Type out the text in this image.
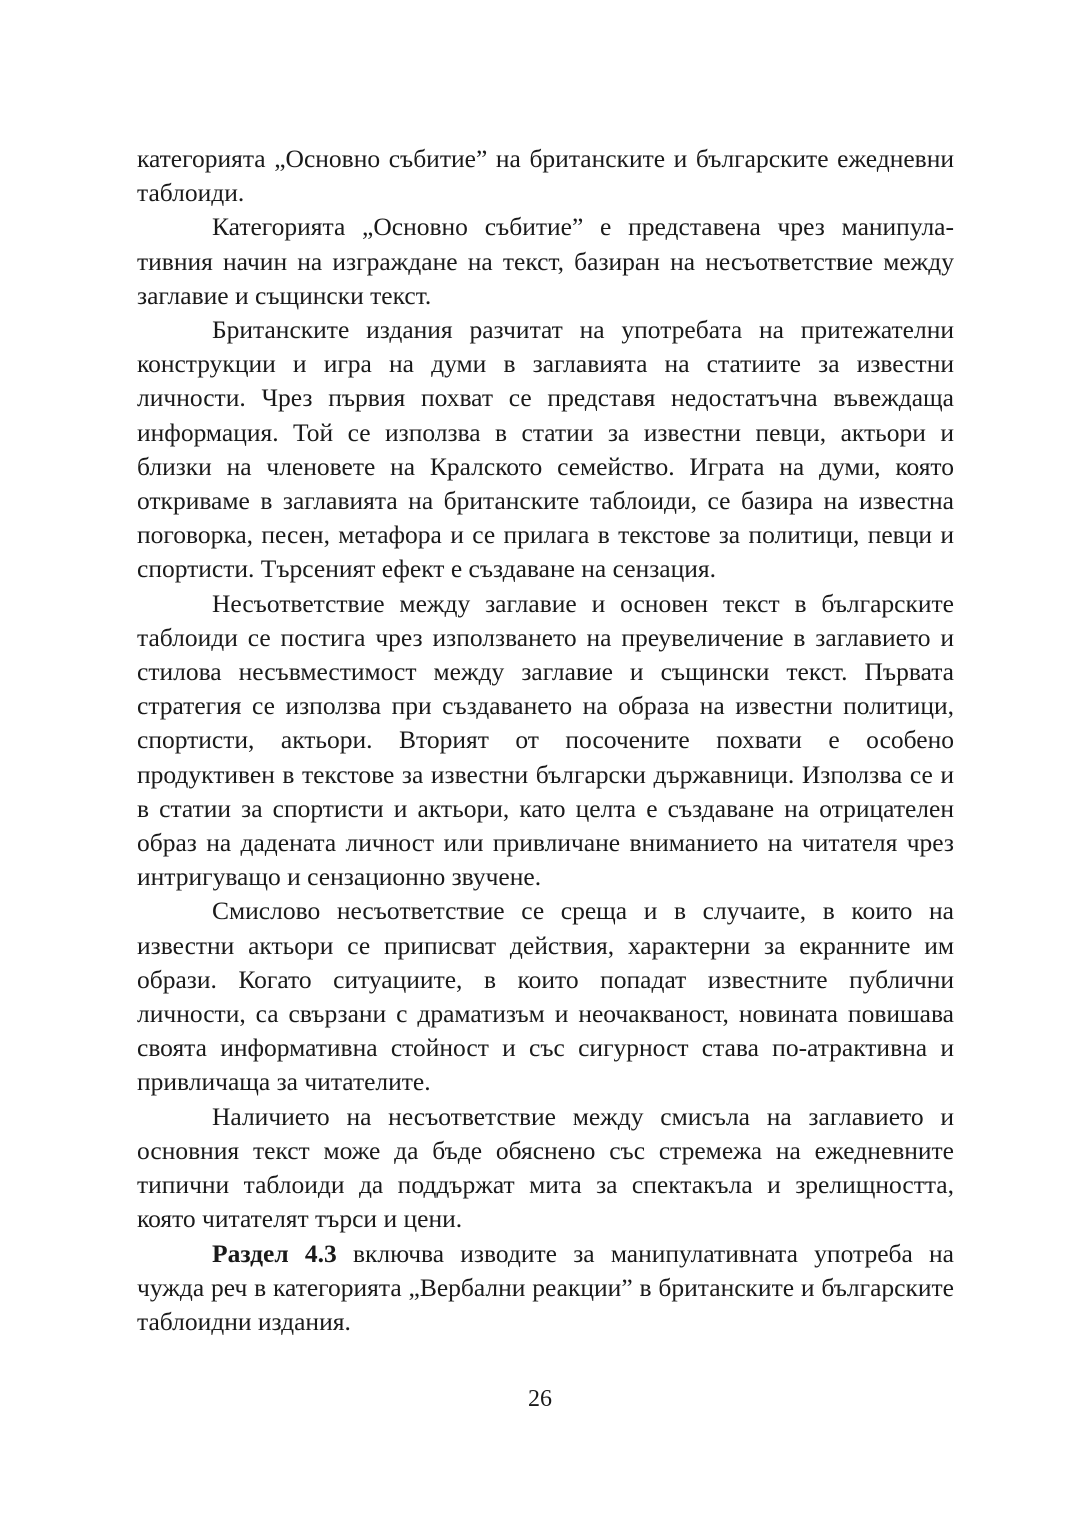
категорията „Основно събитие” на британските и българските ежедневни таблоиди.

Категорията „Основно събитие” е представена чрез манипулативния начин на изграждане на текст, базиран на несъответствие между заглавие и същински текст.

Британските издания разчитат на употребата на притежателни конструкции и игра на думи в заглавията на статиите за известни личности. Чрез първия похват се представя недостатъчна въвеждаща информация. Той се използва в статии за известни певци, актьори и близки на членовете на Кралското семейство. Играта на думи, която откриваме в заглавията на британските таблоиди, се базира на известна поговорка, песен, метафора и се прилага в текстове за политици, певци и спортисти. Търсеният ефект е създаване на сензация.

Несъответствие между заглавие и основен текст в българските таблоиди се постига чрез използването на преувеличение в заглавието и стилова несъвместимост между заглавие и същински текст. Първата стратегия се използва при създаването на образа на известни политици, спортисти, актьори. Вторият от посочените похвати е особено продуктивен в текстове за известни български държавници. Използва се и в статии за спортисти и актьори, като целта е създаване на отрицателен образ на дадената личност или привличане вниманието на читателя чрез интригуващо и сензационно звучене.

Смислово несъответствие се среща и в случаите, в които на известни актьори се приписват действия, характерни за екранните им образи. Когато ситуациите, в които попадат известните публични личности, са свързани с драматизъм и неочакваност, новината повишава своята информативна стойност и със сигурност става по-атрактивна и привличаща за читателите.

Наличието на несъответствие между смисъла на заглавието и основния текст може да бъде обяснено със стремежа на ежедневните типични таблоиди да поддържат мита за спектакъла и зрелищността, която читателят търси и цени.

Раздел 4.3 включва изводите за манипулативната употреба на чужда реч в категорията „Вербални реакции” в британските и българските таблоидни издания.

26
